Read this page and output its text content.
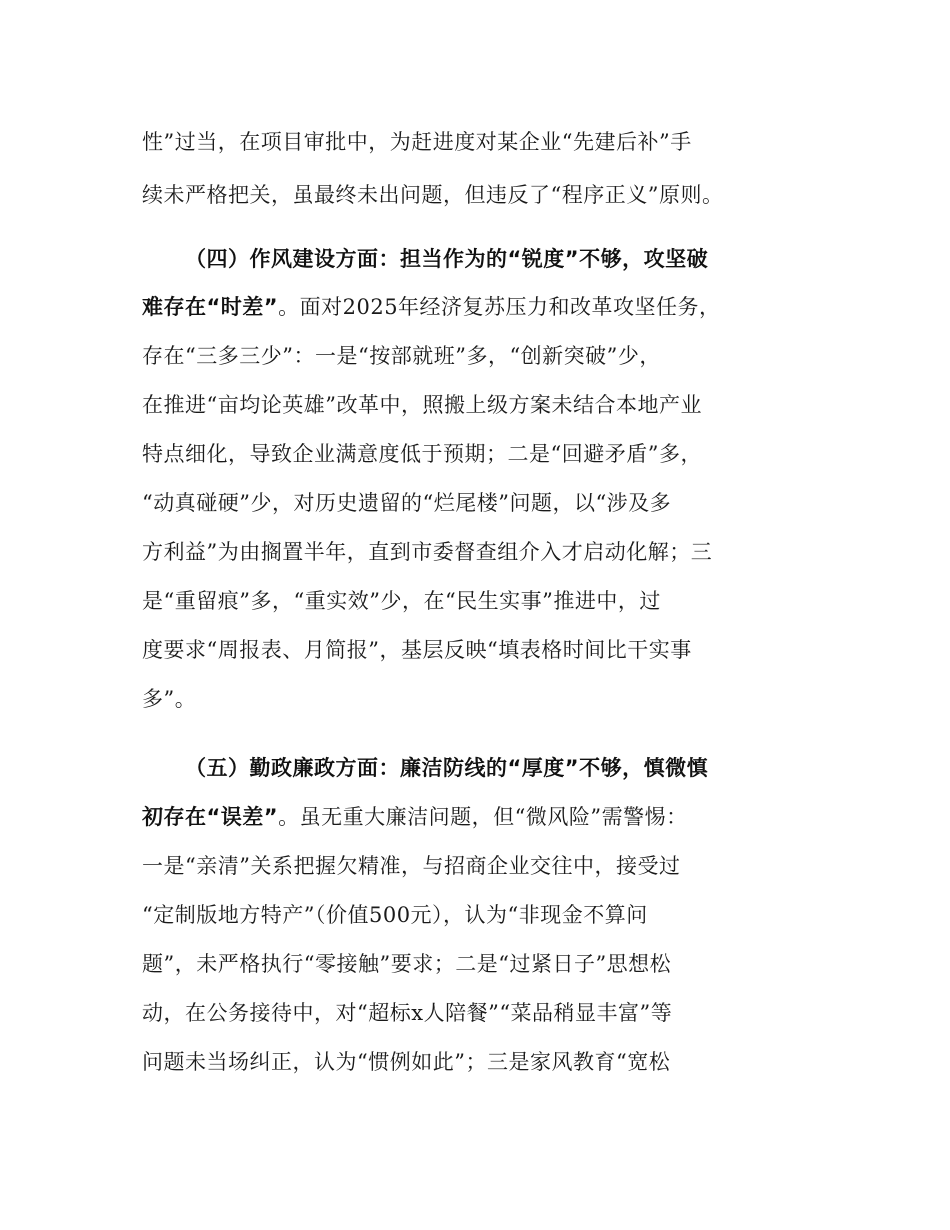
性”过当，在项目审批中，为赶进度对某企业“先建后补”手
续未严格把关，虽最终未出问题，但违反了“程序正义”原则。
（四）作风建设方面：担当作为的“锐度”不够，攻坚破
难存在“时差”。面对2025年经济复苏压力和改革攻坚任务，
存在“三多三少”：一是“按部就班”多，“创新突破”少，
在推进“亩均论英雄”改革中，照搬上级方案未结合本地产业
特点细化，导致企业满意度低于预期；二是“回避矛盾”多，
“动真碰硬”少，对历史遗留的“烂尾楼”问题，以“涉及多
方利益”为由搁置半年，直到市委督查组介入才启动化解；三
是“重留痕”多，“重实效”少，在“民生实事”推进中，过
度要求“周报表、月简报”，基层反映“填表格时间比干实事
多”。
（五）勤政廉政方面：廉洁防线的“厚度”不够，慎微慎
初存在“误差”。虽无重大廉洁问题，但“微风险”需警惕：
一是“亲清”关系把握欠精准，与招商企业交往中，接受过
“定制版地方特产”（价值500元），认为“非现金不算问
题”，未严格执行“零接触”要求；二是“过紧日子”思想松
动，在公务接待中，对“超标x人陪餐”“菜品稍显丰富”等
问题未当场纠正，认为“惯例如此”；三是家风教育“宽松
